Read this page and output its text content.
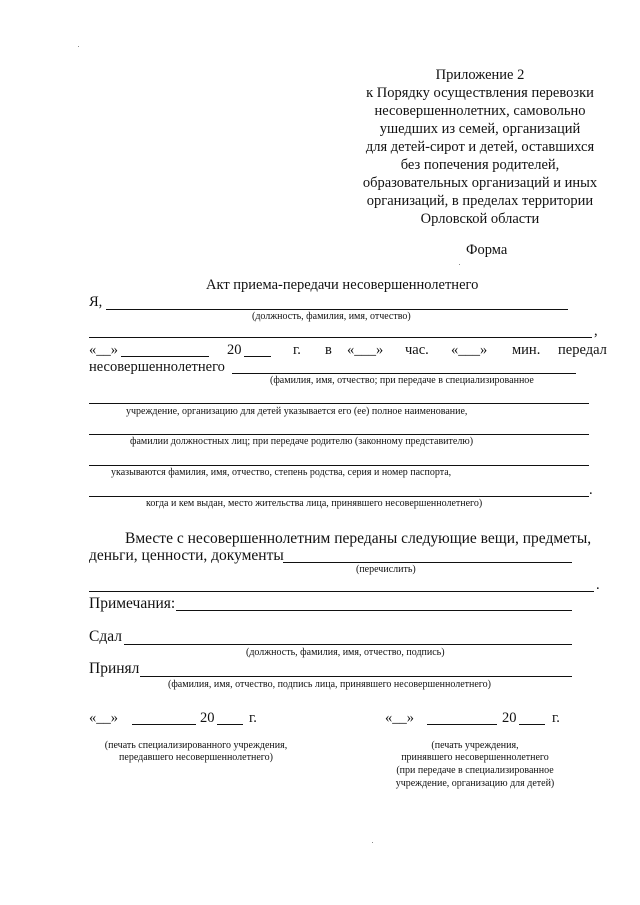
Приложение 2
к Порядку осуществления перевозки
несовершеннолетних, самовольно
ушедших из семей, организаций
для детей-сирот и детей, оставшихся
без попечения родителей,
образовательных организаций и иных
организаций, в пределах территории
Орловской области
Форма
Акт приема-передачи несовершеннолетнего
Я,
(должность, фамилия, имя, отчество)
,
«__»	20	г. в «___» час. «___» мин. передал
несовершеннолетнего
(фамилия, имя, отчество; при передаче в специализированное
учреждение, организацию для детей указывается его (ее) полное наименование,
фамилии должностных лиц; при передаче родителю (законному представителю)
указываются фамилия, имя, отчество, степень родства, серия и номер паспорта,
.
когда и кем выдан, место жительства лица, принявшего несовершеннолетнего)
Вместе с несовершеннолетним переданы следующие вещи, предметы,
деньги, ценности, документы
(перечислить)
.
Примечания:
Сдал
(должность, фамилия, имя, отчество, подпись)
Принял
(фамилия, имя, отчество, подпись лица, принявшего несовершеннолетнего)
«__»	20 г.	«__»	20 г.
(печать специализированного учреждения,
передавшего несовершеннолетнего)
(печать учреждения,
принявшего несовершеннолетнего
(при передаче в специализированное
учреждение, организацию для детей)
